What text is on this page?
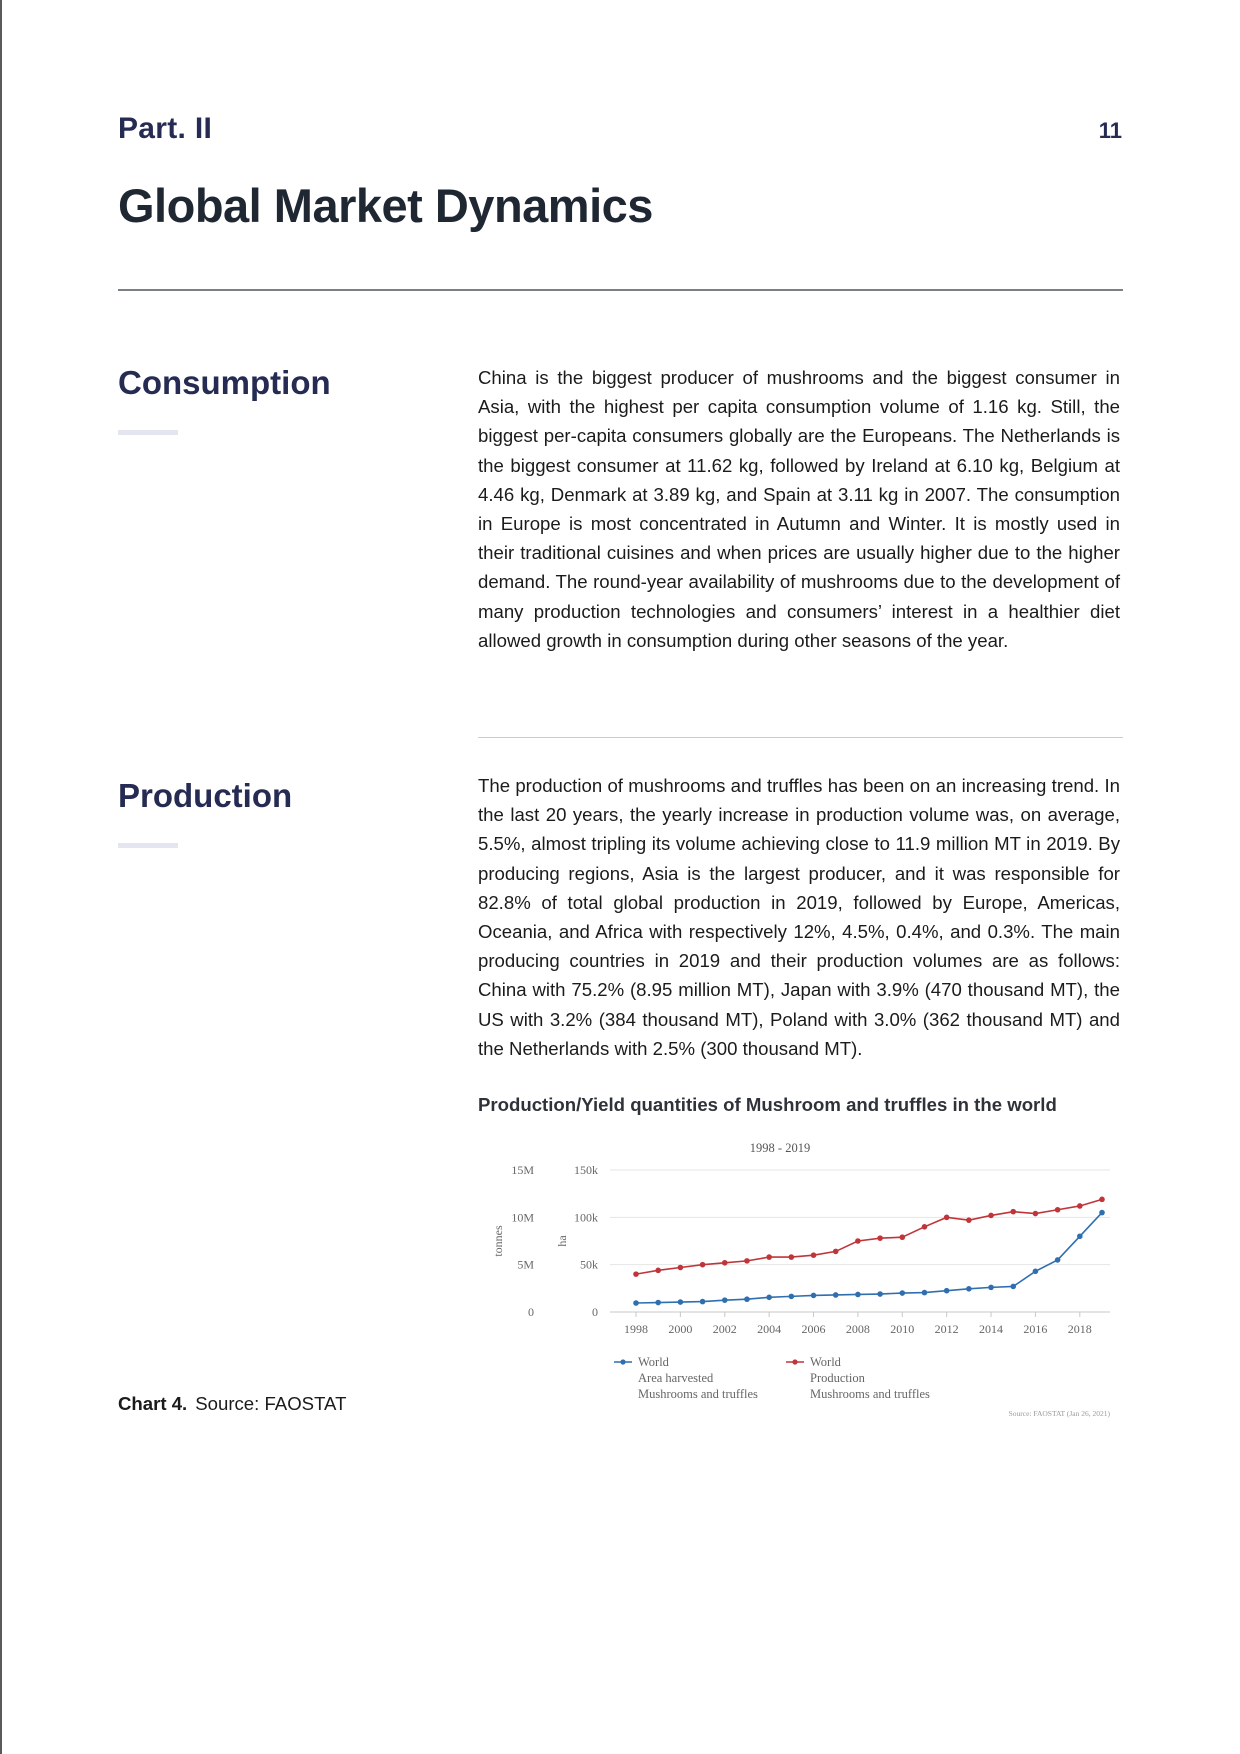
Part. II	11
Global Market Dynamics
Consumption	China is the biggest producer of mushrooms and the biggest consumer in Asia, with the highest per capita consumption volume of 1.16 kg. Still, the biggest per-capita consumers globally are the Europeans. The Netherlands is the biggest consumer at 11.62 kg, followed by Ireland at 6.10 kg, Belgium at 4.46 kg, Denmark at 3.89 kg, and Spain at 3.11 kg in 2007. The consumption in Europe is most concentrated in Autumn and Winter. It is mostly used in their traditional cuisines and when prices are usually higher due to the higher demand. The round-year availability of mushrooms due to the development of many production technologies and consumers’ interest in a healthier diet allowed growth in consumption during other seasons of the year.
Production	The production of mushrooms and truffles has been on an increasing trend. In the last 20 years, the yearly increase in production volume was, on average, 5.5%, almost tripling its volume achieving close to 11.9 million MT in 2019. By producing regions, Asia is the largest producer, and it was responsible for 82.8% of total global production in 2019, followed by Europe, Americas, Oceania, and Africa with respectively 12%, 4.5%, 0.4%, and 0.3%. The main producing countries in 2019 and their production volumes are as follows: China with 75.2% (8.95 million MT), Japan with 3.9% (470 thousand MT), the US with 3.2% (384 thousand MT), Poland with 3.0% (362 thousand MT) and the Netherlands with 2.5% (300 thousand MT).
Production/Yield quantities of Mushroom and truffles in the world
1998 - 2019
0
5M
10M
15M
0
50k
100k
150k
tonnes	ha
1998 2000 2002 2004 2006 2008 2010 2012 2014 2016 2018
World
Area harvested
Mushrooms and truffles
World
Production
Mushrooms and truffles
Source: FAOSTAT (Jan 26, 2021)
Chart 4. Source: FAOSTAT
